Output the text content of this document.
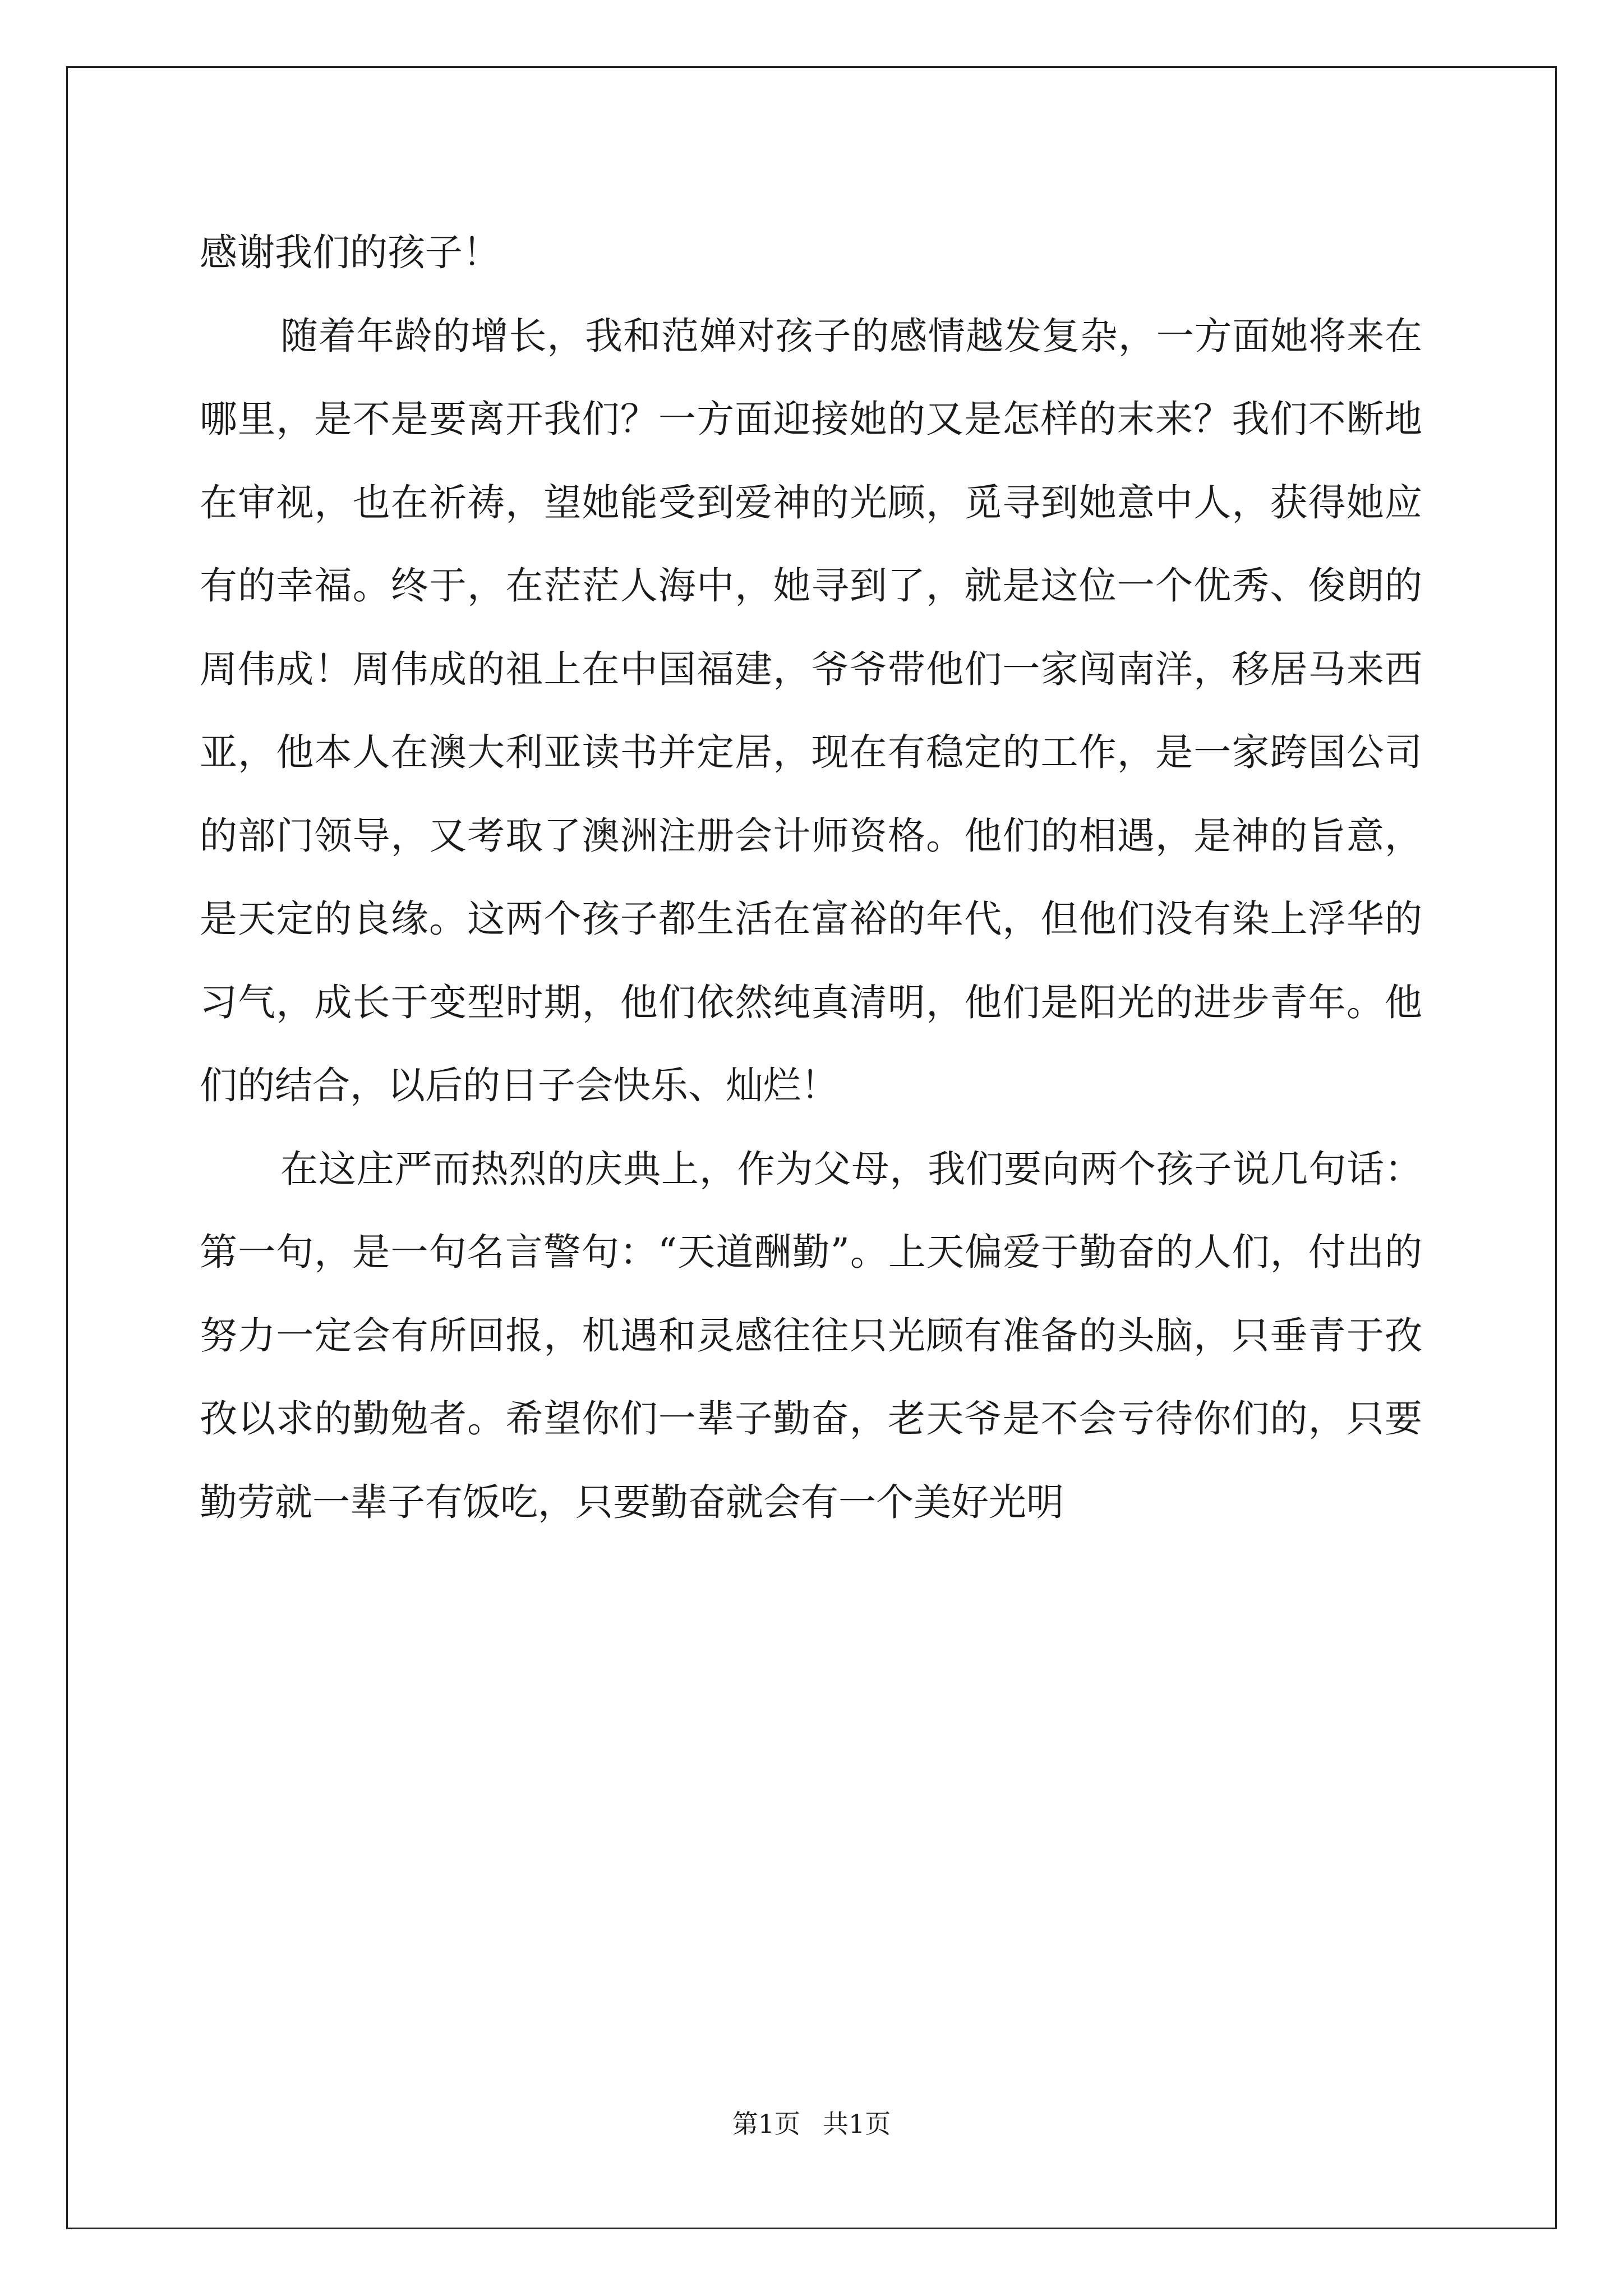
感谢我们的孩子！

随着年龄的增长，我和范婵对孩子的感情越发复杂，一方面她将来在哪里，是不是要离开我们？一方面迎接她的又是怎样的末来？我们不断地在审视，也在祈祷，望她能受到爱神的光顾，觅寻到她意中人，获得她应有的幸福。终于，在茫茫人海中，她寻到了，就是这位一个优秀、俊朗的周伟成！周伟成的祖上在中国福建，爷爷带他们一家闯南洋，移居马来西亚，他本人在澳大利亚读书并定居，现在有稳定的工作，是一家跨国公司的部门领导，又考取了澳洲注册会计师资格。他们的相遇，是神的旨意，是天定的良缘。这两个孩子都生活在富裕的年代，但他们没有染上浮华的习气，成长于变型时期，他们依然纯真清明，他们是阳光的进步青年。他们的结合，以后的日子会快乐、灿烂！

在这庄严而热烈的庆典上，作为父母，我们要向两个孩子说几句话：第一句，是一句名言警句：“天道酬勤”。上天偏爱于勤奋的人们，付出的努力一定会有所回报，机遇和灵感往往只光顾有准备的头脑，只垂青于孜孜以求的勤勉者。希望你们一辈子勤奋，老天爷是不会亏待你们的，只要勤劳就一辈子有饭吃，只要勤奋就会有一个美好光明

第1页 共1页
